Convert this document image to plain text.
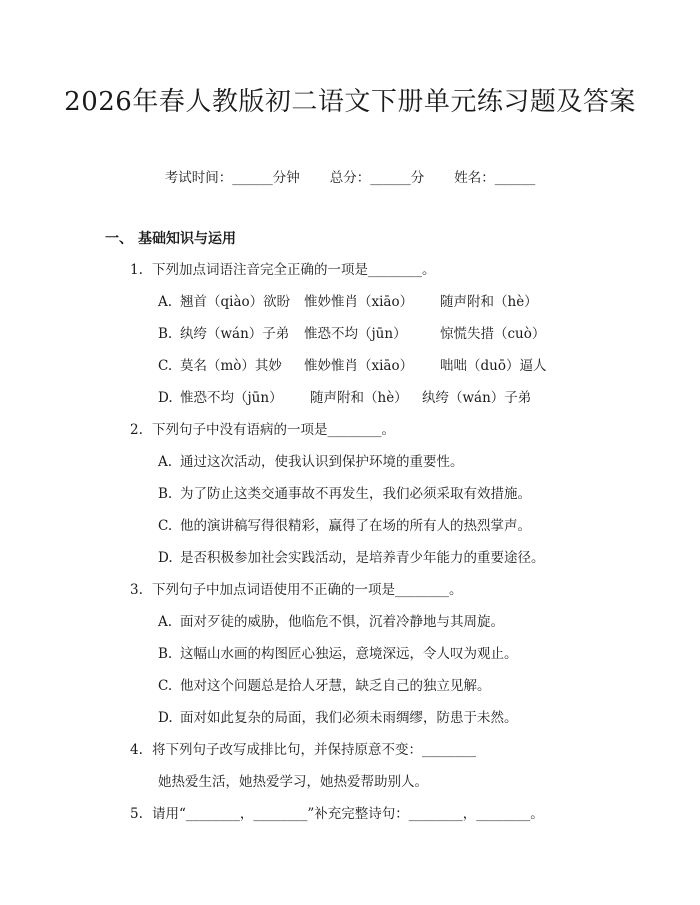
2026年春人教版初二语文下册单元练习题及答案
考试时间：______分钟 总分：______分 姓名：______
一、 基础知识与运用
1. 下列加点词语注音完全正确的一项是________。
A. 翘首（qiào）欲盼 惟妙惟肖（xiāo） 随声附和（hè）
B. 纨绔（wán）子弟 惟恐不均（jūn） 惊慌失措（cuò）
C. 莫名（mò）其妙 惟妙惟肖（xiāo） 咄咄（duō）逼人
D. 惟恐不均（jūn） 随声附和（hè） 纨绔（wán）子弟
2. 下列句子中没有语病的一项是________。
A. 通过这次活动，使我认识到保护环境的重要性。
B. 为了防止这类交通事故不再发生，我们必须采取有效措施。
C. 他的演讲稿写得很精彩，赢得了在场的所有人的热烈掌声。
D. 是否积极参加社会实践活动，是培养青少年能力的重要途径。
3. 下列句子中加点词语使用不正确的一项是________。
A. 面对歹徒的威胁，他临危不惧，沉着冷静地与其周旋。
B. 这幅山水画的构图匠心独运，意境深远，令人叹为观止。
C. 他对这个问题总是拾人牙慧，缺乏自己的独立见解。
D. 面对如此复杂的局面，我们必须未雨绸缪，防患于未然。
4. 将下列句子改写成排比句，并保持原意不变：________
她热爱生活，她热爱学习，她热爱帮助别人。
5. 请用“________，________”补充完整诗句：________，________。
